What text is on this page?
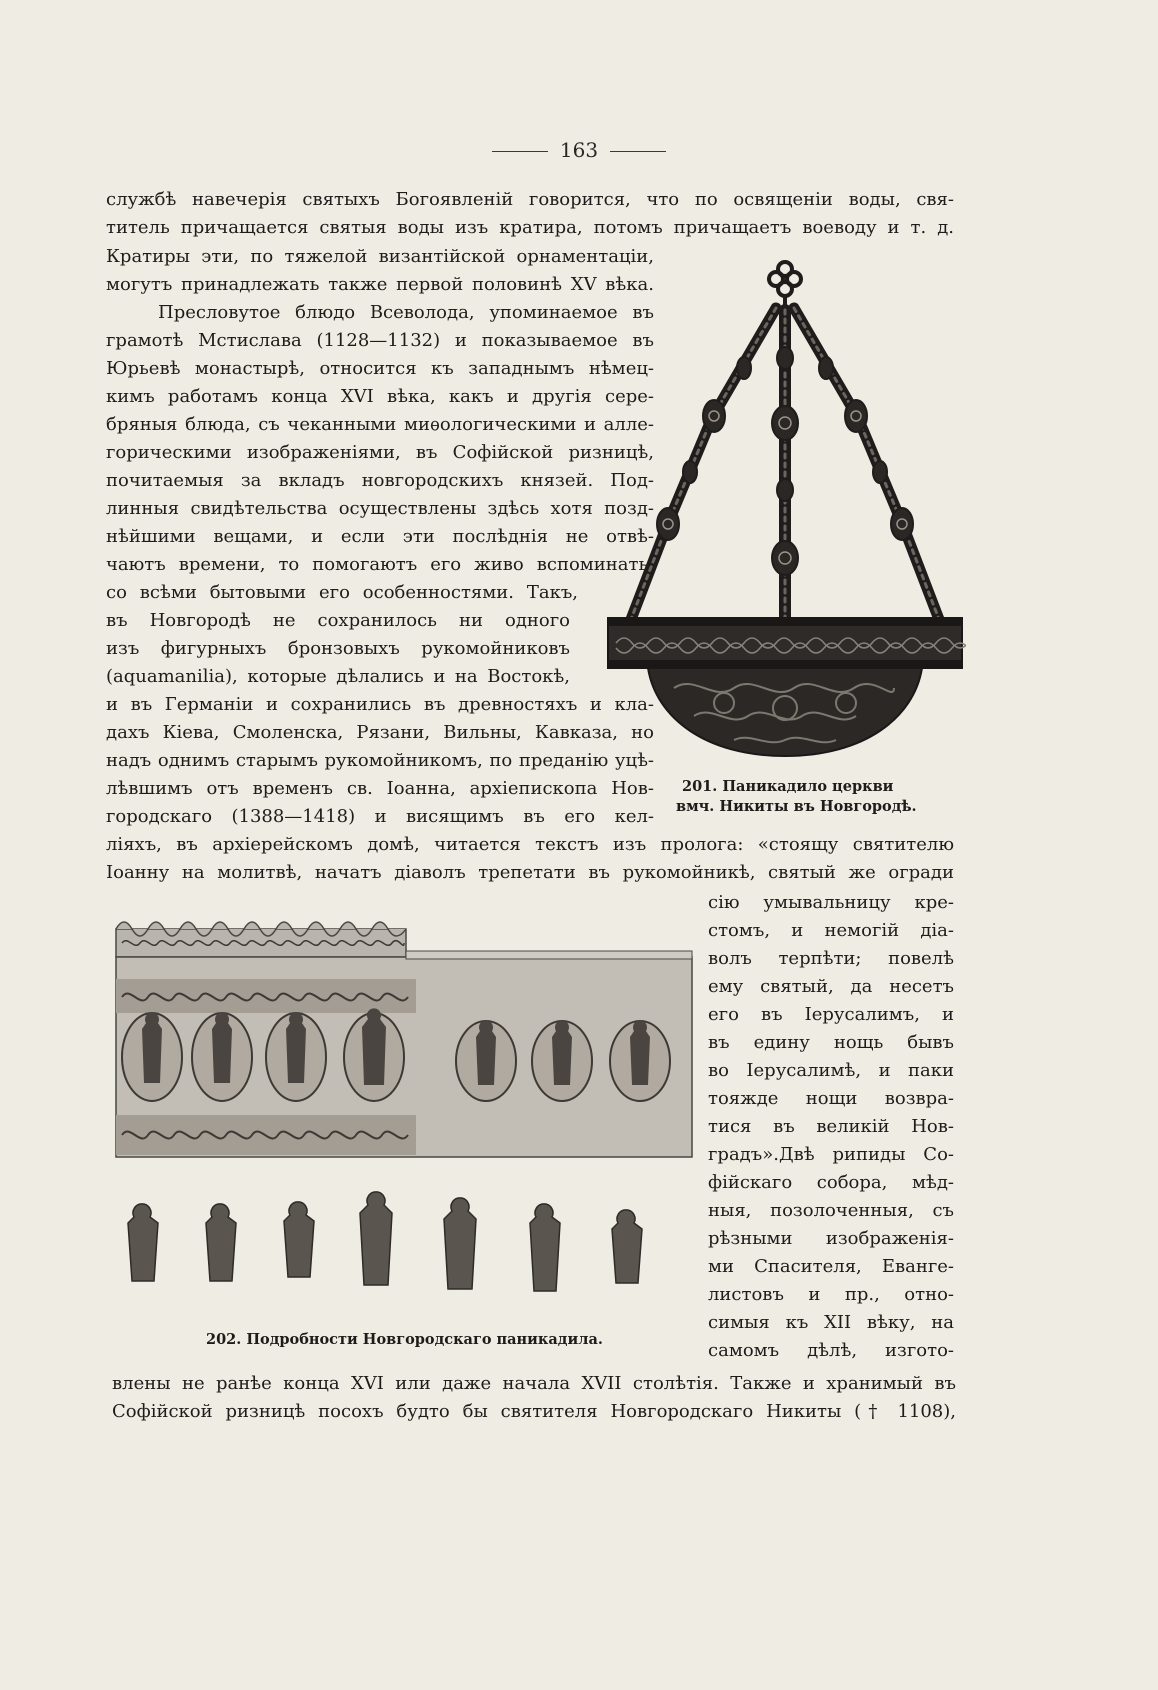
163
службѣ навечерія святыхъ Богоявленій говорится, что по освященіи воды, свя-
титель причащается святыя воды изъ кратира, потомъ причащаетъ воеводу и т. д.
Кратиры эти, по тяжелой византійской орнаментаціи,
могутъ принадлежать также первой половинѣ XV вѣка.
Пресловутое блюдо Всеволода, упоминаемое въ
грамотѣ Мстислава (1128—1132) и показываемое въ
Юрьевѣ монастырѣ, относится къ западнымъ нѣмец-
кимъ работамъ конца XVI вѣка, какъ и другія сере-
бряныя блюда, съ чеканными миѳологическими и алле-
горическими изображеніями, въ Софійской ризницѣ,
почитаемыя за вкладъ новгородскихъ князей. Под-
линныя свидѣтельства осуществлены здѣсь хотя позд-
нѣйшими вещами, и если эти послѣднія не отвѣ-
чаютъ времени, то помогаютъ его живо вспоминать,
со всѣми бытовыми его особенностями. Такъ,
въ Новгородѣ не сохранилось ни одного
изъ фигурныхъ бронзовыхъ рукомойниковъ
(aquamanilia), которые дѣлались и на Востокѣ,
и въ Германіи и сохранились въ древностяхъ и кла-
дахъ Кіева, Смоленска, Рязани, Вильны, Кавказа, но
надъ однимъ старымъ рукомойникомъ, по преданію уцѣ-
лѣвшимъ отъ временъ св. Іоанна, архіепископа Нов-
городскаго (1388—1418) и висящимъ въ его кел-
201. Паникадило церкви
вмч. Никиты въ Новгородѣ.
ліяхъ, въ архіерейскомъ домѣ, читается текстъ изъ пролога: «стоящу святителю
Іоанну на молитвѣ, начатъ діаволъ трепетати въ рукомойникѣ, святый же огради
сію умывальницу кре-
стомъ, и немогій діа-
волъ терпѣти; повелѣ
ему святый, да несетъ
его въ Іерусалимъ, и
въ едину нощь бывъ
во Іерусалимѣ, и паки
тояжде нощи возвра-
тися въ великій Нов-
градъ».Двѣ рипиды Со-
фійскаго собора, мѣд-
ныя, позолоченныя, съ
рѣзными изображенія-
ми Спасителя, Еванге-
листовъ и пр., отно-
симыя къ XII вѣку, на
самомъ дѣлѣ, изгото-
202. Подробности Новгородскаго паникадила.
влены не ранѣе конца XVI или даже начала XVII столѣтія. Также и хранимый въ
Софійской ризницѣ посохъ будто бы святителя Новгородскаго Никиты († 1108),
